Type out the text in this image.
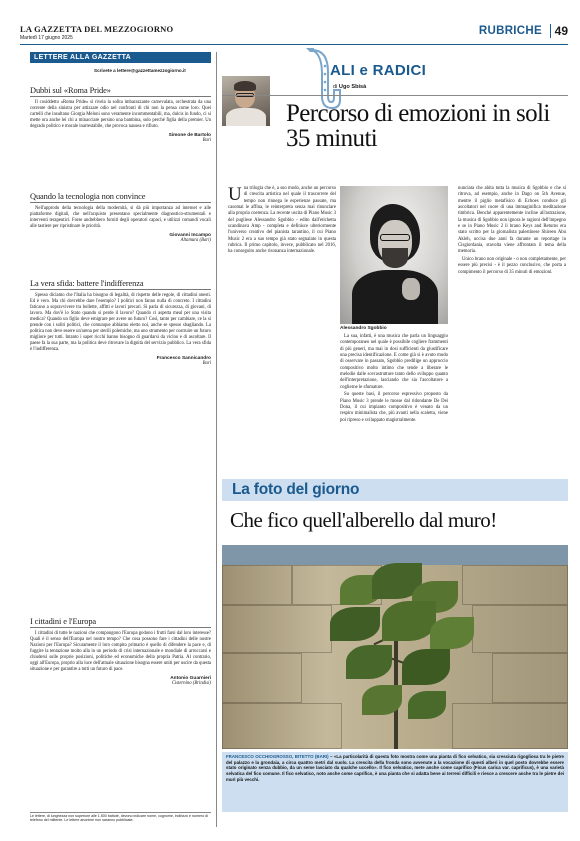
LA GAZZETTA DEL MEZZOGIORNO
Martedì 17 giugno 2025
RUBRICHE	49
LETTERE ALLA GAZZETTA
Scrivete a lettere@gazzettamezzogiorno.it
Dubbi sul «Roma Pride»

Il cosiddetto «Roma Pride» si rivela la solita imbarazzante carnevalata, orchestrata da una corrente della sinistra per attizzare odio nel confronti di chi non la pensa come loro. Quei cartelli che insultano Giorgia Meloni sono veramente incommentabili, ma, dulcis in fundo, ci si mette ora anche lei chi a minacciare persino una bambina, solo perché figlia della premier. Un degrado politico e morale inarrestabile, che provoca nausea e rifiuto.

Simone de Bartolo
Bari
Quando la tecnologia non convince

Nell'approdo della tecnologia della modernità, si dà più importanza ad internet e alle piattaforme digitali, che nell'acquisto presentano specialmente diagnostico-strumentali e interventi terapeutici. Forse andrebbero forniti degli operatori capaci, e utilizzi comandi vocali alle tastiere per ripristinare le priorità.

Giovanni Incampo
Altamura (Bari)
La vera sfida: battere l'indifferenza

Spesso diciamo che l'Italia ha bisogno di legalità, di rispetto delle regole, di cittadini onesti. Ed è vero. Ma chi dovrebbe dare l'esempio? I politici non fanno nulla di concreto. I cittadini faticano a sopravvivere tra bollette, affitti e lavori precari. Si parla di sicurezza, di giovani, di lavoro. Ma dov'è lo Stato quando si perde il lavoro? Quando ci aspetta meal per una visita medica? Quando un figlio deve emigrare per avere un futuro? Così, tanto per cambiare, ce la si prende con i soliti politici, che comunque abbiamo eletto noi, anche se spesso sbagliando. La politica non deve essere un'arena per sterili polemiche, ma uno strumento per costruire un futuro migliore per tutti. Intanto i saper ricchi hanno bisogno di guardarsi da vicino e di ascoltare. Il paese fa la sua parte, ma la politica deve ritrovare la dignità del servizio pubblico. La vera sfida è l'indifferenza.

Francesco Sannicandro
Bari
I cittadini e l'Europa

I cittadini di tutte le nazioni che compongono l'Europa godono i frutti farsi dal loro interesse? Quali è il senso dell'Europa nel nostro tempo? Che cosa possono fare i cittadini delle nostre Nazioni per l'Europa? Sicuramente il loro compito primario è quello di difendere la pace e, di fuggire la tentazione molto alla in un periodo di crisi internazionale e mondiale di arroccarsi e chiudersi sulle proprie posizioni, politiche ed economiche della propria Patria. Al contrario, oggi all'Europa, proprio alla luce dell'attuale situazione bisogna essere uniti per uscire da questa situazione e per garantire a tutti un futuro di pace.

Antonio Guarnieri
Cisternino (Brindisi)
Le lettere, di lunghezza non superiore alle 1.500 battute, devono indicare nome, cognome, indirizzo e numero di telefono del mittente. Le lettere anonime non saranno pubblicate.
ALI e RADICI
di Ugo Sbisà
Percorso di emozioni in soli 35 minuti

Una trilogia che è, a suo modo, anche un percorso di crescita artistica nel quale il trascorrere del tempo non rinnega le esperienze passate, ma casomai le affina, le reinterpreta senza mai rinunciare alla propria coerenza. La recente uscita di Piano Music 3 del pugliese Alessandro Sgobbio - edito dall'etichetta scandinava Amp - completa e definisce ulteriormente l'universo creativo del pianista tarantino, il cui Piano Music 2 era a suo tempo già stato segnalato in questa rubrica. Il primo capitolo, invece, pubblicato nel 2016, ha conseguito anche risonanza internazionale.

Alessandro Sgobbio

La sua, infatti, è una musica che parla un linguaggio contemporaneo nel quale è possibile cogliere frammenti di più generi, ma mai in dosi sufficienti da giustificare una precisa identificazione. E come già si è avuto modo di osservare in passato, Sgobbio predilige un approccio compositivo molto intimo che tende a liberare le melodie dalle sovrastrutture tanto dello sviluppo quanto dell'interpretazione, lasciando che sia l'ascoltatore a coglierne le sfumature.

Su queste basi, il percorso espressivo proposto da Piano Music 3 prende le mosse dal ridondante De Dei Dona, il cui impianto compositivo è venato da un respiro minimalista che, più avanti nella scaletta, viene poi ripreso e sviluppato magistralmente.

nunciata che abita tutta la musica di Sgobbio e che si ritrova, ad esempio, anche in Dago on 5th Avenue, mentre il piglio metafisico di Echoes conduce gli ascoltatori nel cuore di una immaginifica meditazione timbrica. Benché apparentemente incline all'astrazione, la musica di Sgobbio non ignora le ragioni dell'impegno e se in Piano Music 2 il brano Keys and Returns era stato scritto per la giornalista palestinese Shireen Abu Akleh, uccisa due anni fa durante un reportage in Cisgiordania, stavolta viene affrontato il tema della memoria.

Unico brano non originale - o non completamente, per essere più precisi - è il pezzo conclusivo, che porta a compimento il percorso di 35 minuti di emozioni.

La foto del giorno
Che fico quell'alberello dal muro!
FRANCESCO OCCHIOGROSSO, BITETTO (BARI) – «La particolarità di questa foto mostra come una pianta di fico selvatico, sia cresciuta rigogliosa tra le pietre del palazzo e la grondaia, a circa quattro metri dal suolo. La crescita della fronda sono avvenute a la vocazione di questi alberi in quel posto dovrebbe essere stato originato senza dubbio, da un seme lasciato da qualche uccello». Il fico selvatico, mete anche come caprifico (Ficus carica var. caprificus), è una varietà selvatica del fico comune. Il fico selvatico, noto anche come caprifico, è una pianta che si adatta bene ai terreni difficili e riesce a crescere anche tra le pietre dei muri più vecchi.
